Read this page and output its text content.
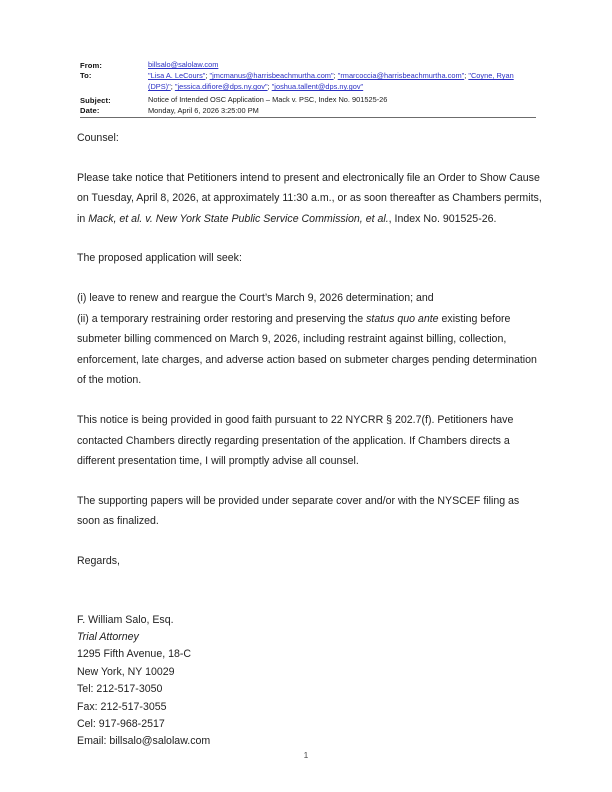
From:	billsalo@salolaw.com
To:	"Lisa A. LeCours"; "jmcmanus@harrisbeachmurtha.com"; "rmarcoccia@harrisbeachmurtha.com"; "Coyne, Ryan (DPS)"; "jessica.difiore@dps.ny.gov"; "joshua.tallent@dps.ny.gov"
Subject:	Notice of Intended OSC Application – Mack v. PSC, Index No. 901525-26
Date:	Monday, April 6, 2026 3:25:00 PM

Counsel:

Please take notice that Petitioners intend to present and electronically file an Order to Show Cause on Tuesday, April 8, 2026, at approximately 11:30 a.m., or as soon thereafter as Chambers permits, in Mack, et al. v. New York State Public Service Commission, et al., Index No. 901525-26.

The proposed application will seek:

(i) leave to renew and reargue the Court’s March 9, 2026 determination; and
(ii) a temporary restraining order restoring and preserving the status quo ante existing before submeter billing commenced on March 9, 2026, including restraint against billing, collection, enforcement, late charges, and adverse action based on submeter charges pending determination of the motion.

This notice is being provided in good faith pursuant to 22 NYCRR § 202.7(f). Petitioners have contacted Chambers directly regarding presentation of the application. If Chambers directs a different presentation time, I will promptly advise all counsel.

The supporting papers will be provided under separate cover and/or with the NYSCEF filing as soon as finalized.

Regards,

F. William Salo, Esq.
Trial Attorney
1295 Fifth Avenue, 18-C
New York, NY 10029
Tel: 212-517-3050
Fax: 212-517-3055
Cel: 917-968-2517
Email: billsalo@salolaw.com
1
